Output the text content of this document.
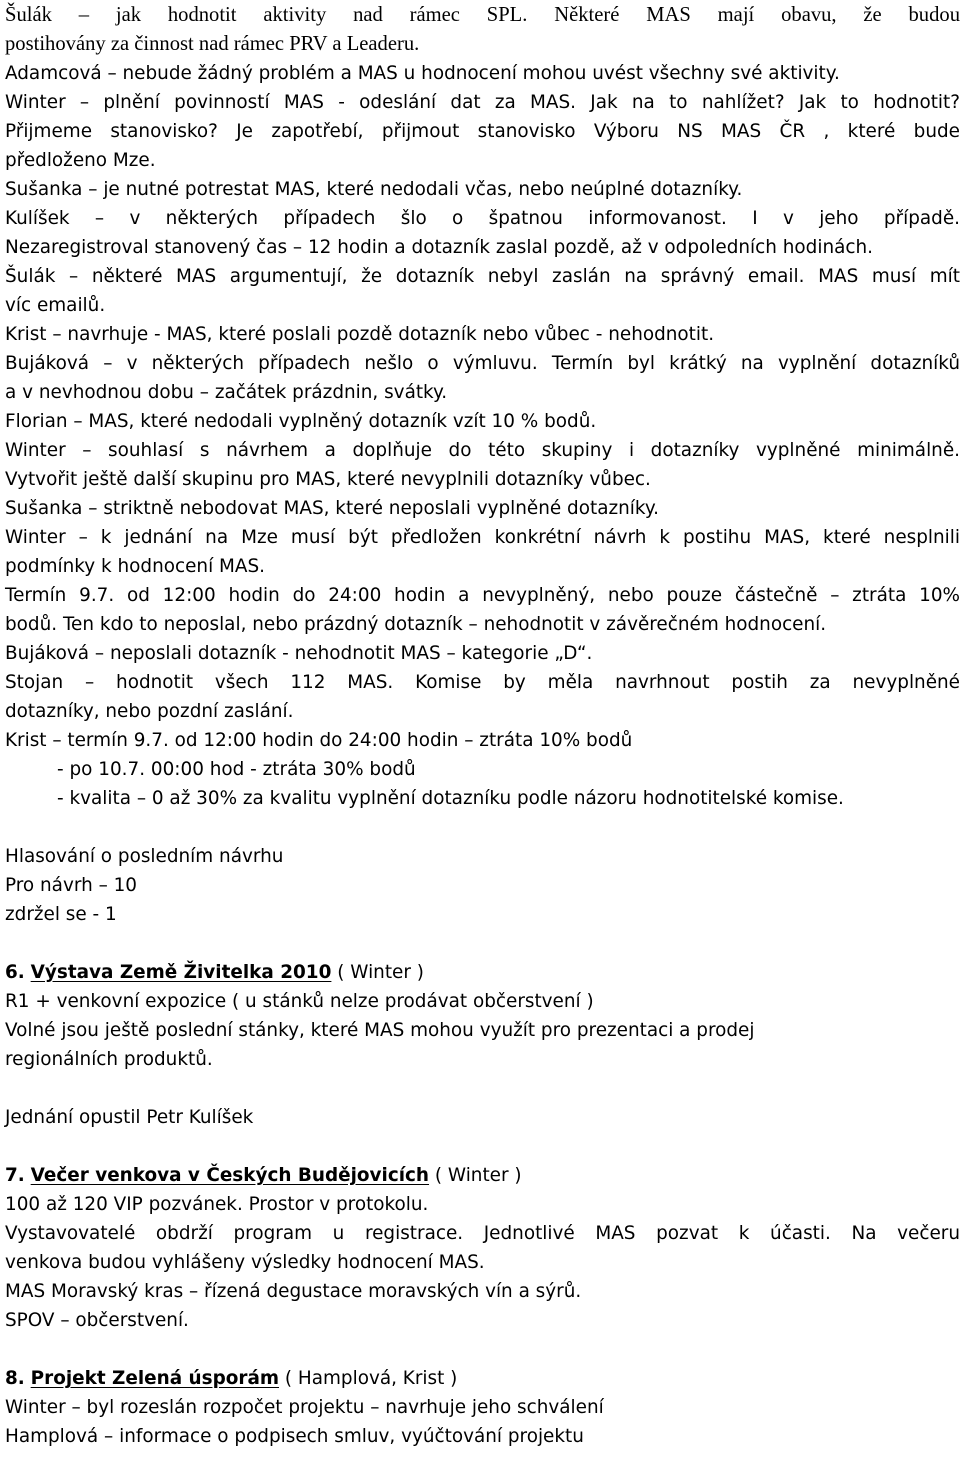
Šulák – jak hodnotit aktivity nad rámec SPL. Některé MAS mají obavu, že budou
postihovány za činnost nad rámec PRV a Leaderu.
Adamcová – nebude žádný problém a MAS u hodnocení mohou uvést všechny své aktivity.
Winter – plnění povinností MAS - odeslání dat za MAS. Jak na to nahlížet? Jak to hodnotit?
Přijmeme stanovisko? Je zapotřebí, přijmout stanovisko Výboru NS MAS ČR , které bude
předloženo Mze.
Sušanka – je nutné potrestat MAS, které nedodali včas, nebo neúplné dotazníky.
Kulíšek – v některých případech šlo o špatnou informovanost. I v jeho případě.
Nezaregistroval stanovený čas – 12 hodin a dotazník zaslal pozdě, až v odpoledních hodinách.
Šulák – některé MAS argumentují, že dotazník nebyl zaslán na správný email. MAS musí mít
víc emailů.
Krist – navrhuje - MAS, které poslali pozdě dotazník nebo vůbec - nehodnotit.
Bujáková – v některých případech nešlo o výmluvu. Termín byl krátký na vyplnění dotazníků
a v nevhodnou dobu – začátek prázdnin, svátky.
Florian – MAS, které nedodali vyplněný dotazník vzít 10 % bodů.
Winter – souhlasí s návrhem a doplňuje do této skupiny i dotazníky vyplněné minimálně.
Vytvořit ještě další skupinu pro MAS, které nevyplnili dotazníky vůbec.
Sušanka – striktně nebodovat MAS, které neposlali vyplněné dotazníky.
Winter – k jednání na Mze musí být předložen konkrétní návrh k postihu MAS, které nesplnili
podmínky k hodnocení MAS.
Termín 9.7. od 12:00 hodin do 24:00 hodin a nevyplněný, nebo pouze částečně – ztráta 10%
bodů. Ten kdo to neposlal, nebo prázdný dotazník – nehodnotit v závěrečném hodnocení.
Bujáková – neposlali dotazník - nehodnotit MAS – kategorie „D“.
Stojan – hodnotit všech 112 MAS. Komise by měla navrhnout postih za nevyplněné
dotazníky, nebo pozdní zaslání.
Krist – termín 9.7. od 12:00 hodin do 24:00 hodin – ztráta 10% bodů
- po 10.7. 00:00 hod - ztráta 30% bodů
- kvalita – 0 až 30% za kvalitu vyplnění dotazníku podle názoru hodnotitelské komise.
Hlasování o posledním návrhu
Pro návrh – 10
zdržel se - 1
6. Výstava Země Živitelka 2010 ( Winter )
R1 + venkovní expozice ( u stánků nelze prodávat občerstvení )
Volné jsou ještě poslední stánky, které MAS mohou využít pro prezentaci a prodej
regionálních produktů.
Jednání opustil Petr Kulíšek
7. Večer venkova v Českých Budějovicích ( Winter )
100 až 120 VIP pozvánek. Prostor v protokolu.
Vystavovatelé obdrží program u registrace. Jednotlivé MAS pozvat k účasti. Na večeru
venkova budou vyhlášeny výsledky hodnocení MAS.
MAS Moravský kras – řízená degustace moravských vín a sýrů.
SPOV – občerstvení.
8. Projekt Zelená úsporám ( Hamplová, Krist )
Winter – byl rozeslán rozpočet projektu – navrhuje jeho schválení
Hamplová – informace o podpisech smluv, vyúčtování projektu
